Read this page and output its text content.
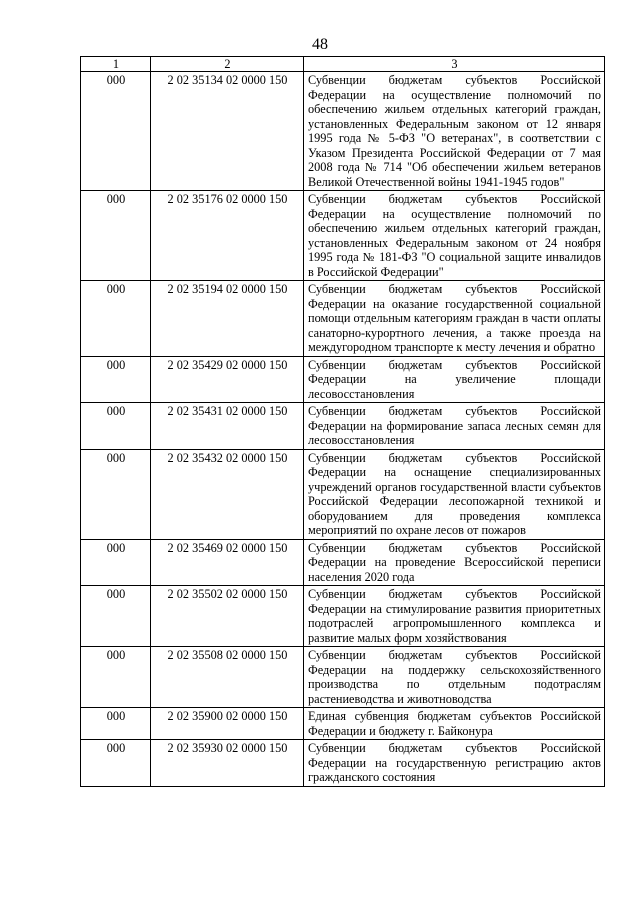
48
1	2	3
000	2 02 35134 02 0000 150	Субвенции бюджетам субъектов Российской Федерации на осуществление полномочий по обеспечению жильем отдельных категорий граждан, установленных Федеральным законом от 12 января 1995 года № 5-ФЗ "О ветеранах", в соответствии с Указом Президента Российской Федерации от 7 мая 2008 года № 714 "Об обеспечении жильем ветеранов Великой Отечественной войны 1941-1945 годов"
000	2 02 35176 02 0000 150	Субвенции бюджетам субъектов Российской Федерации на осуществление полномочий по обеспечению жильем отдельных категорий граждан, установленных Федеральным законом от 24 ноября 1995 года № 181-ФЗ "О социальной защите инвалидов в Российской Федерации"
000	2 02 35194 02 0000 150	Субвенции бюджетам субъектов Российской Федерации на оказание государственной социальной помощи отдельным категориям граждан в части оплаты санаторно-курортного лечения, а также проезда на междугородном транспорте к месту лечения и обратно
000	2 02 35429 02 0000 150	Субвенции бюджетам субъектов Российской Федерации на увеличение площади лесовосстановления
000	2 02 35431 02 0000 150	Субвенции бюджетам субъектов Российской Федерации на формирование запаса лесных семян для лесовосстановления
000	2 02 35432 02 0000 150	Субвенции бюджетам субъектов Российской Федерации на оснащение специализированных учреждений органов государственной власти субъектов Российской Федерации лесопожарной техникой и оборудованием для проведения комплекса мероприятий по охране лесов от пожаров
000	2 02 35469 02 0000 150	Субвенции бюджетам субъектов Российской Федерации на проведение Всероссийской переписи населения 2020 года
000	2 02 35502 02 0000 150	Субвенции бюджетам субъектов Российской Федерации на стимулирование развития приоритетных подотраслей агропромышленного комплекса и развитие малых форм хозяйствования
000	2 02 35508 02 0000 150	Субвенции бюджетам субъектов Российской Федерации на поддержку сельскохозяйственного производства по отдельным подотраслям растениеводства и животноводства
000	2 02 35900 02 0000 150	Единая субвенция бюджетам субъектов Российской Федерации и бюджету г. Байконура
000	2 02 35930 02 0000 150	Субвенции бюджетам субъектов Российской Федерации на государственную регистрацию актов гражданского состояния
